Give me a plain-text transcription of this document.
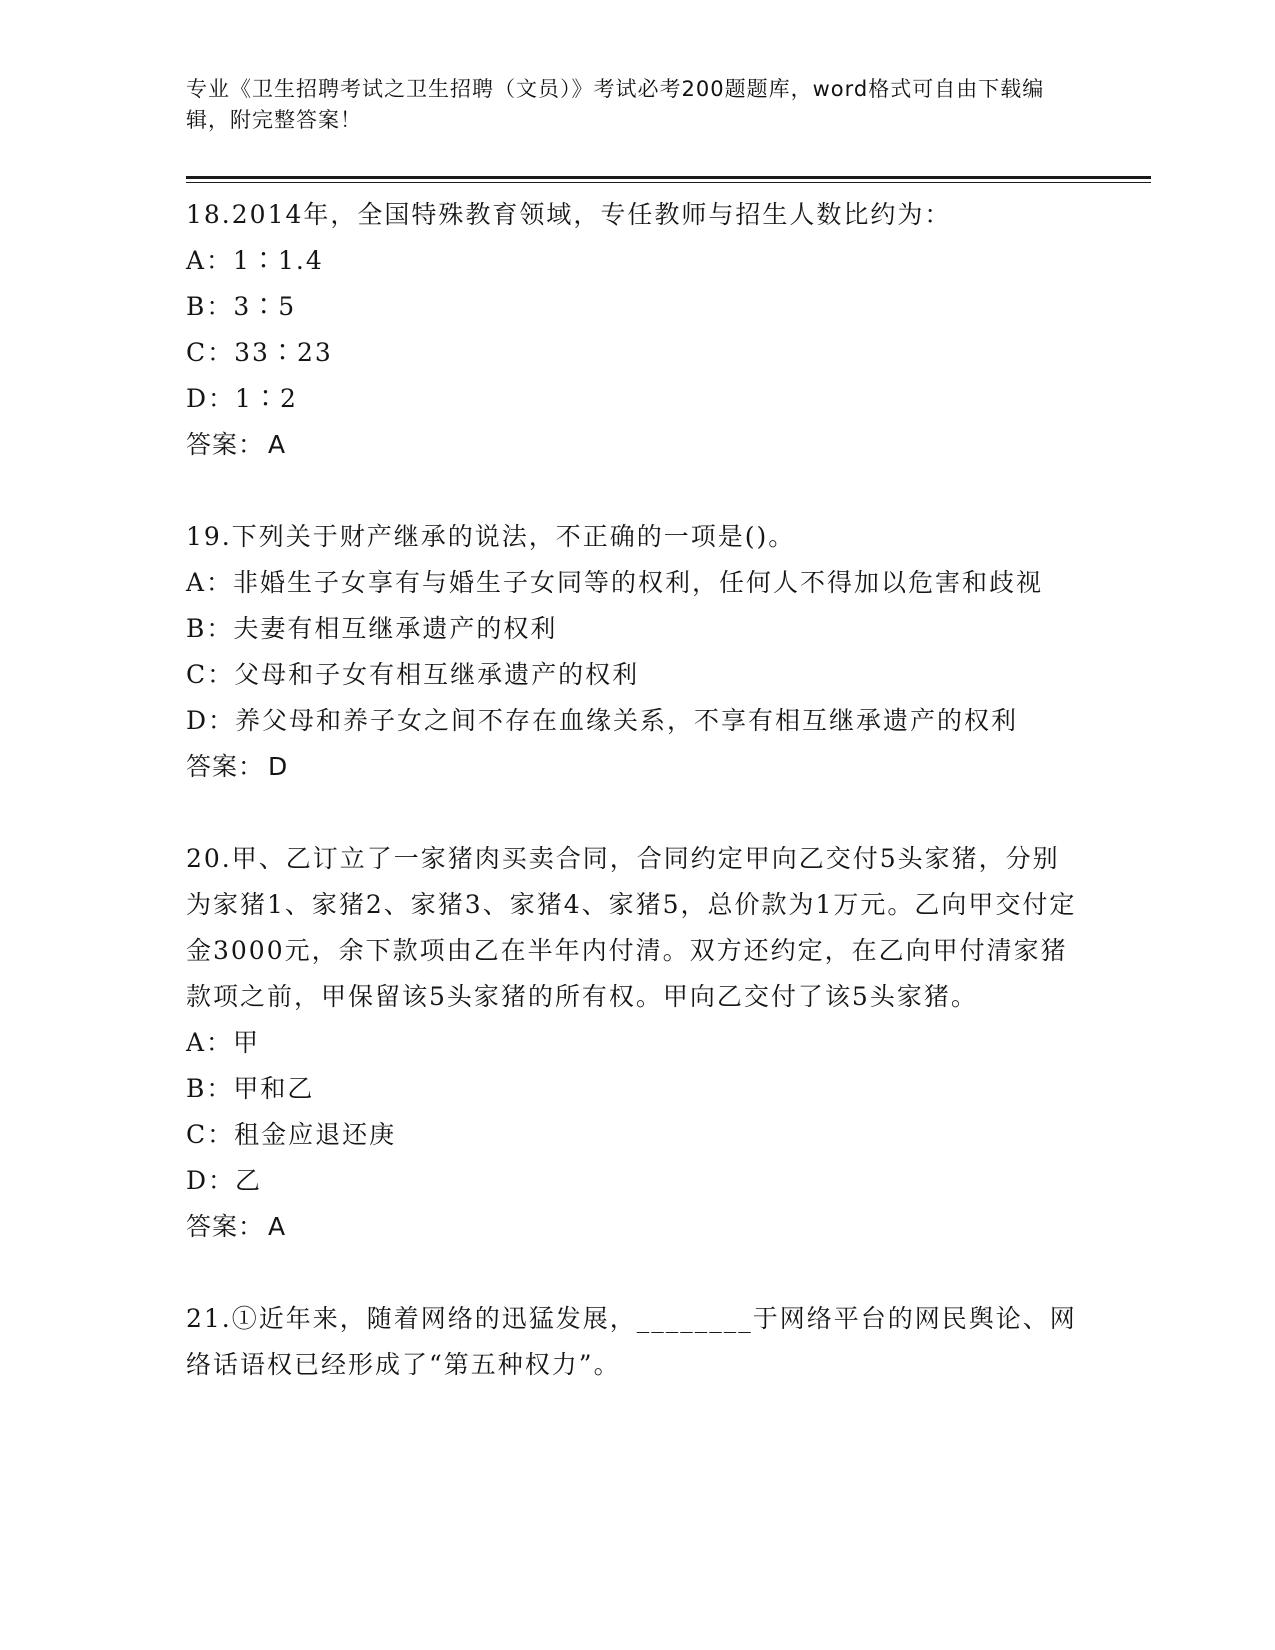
专业《卫生招聘考试之卫生招聘（文员）》考试必考200题题库，word格式可自由下载编辑，附完整答案！

18.2014年，全国特殊教育领域，专任教师与招生人数比约为：

A：1∶1.4

B：3∶5

C：33∶23

D：1∶2

答案： A

19.下列关于财产继承的说法，不正确的一项是()。

A：非婚生子女享有与婚生子女同等的权利，任何人不得加以危害和歧视

B：夫妻有相互继承遗产的权利

C：父母和子女有相互继承遗产的权利

D：养父母和养子女之间不存在血缘关系，不享有相互继承遗产的权利

答案： D

20.甲、乙订立了一家猪肉买卖合同，合同约定甲向乙交付5头家猪，分别为家猪1、家猪2、家猪3、家猪4、家猪5，总价款为1万元。乙向甲交付定金3000元，余下款项由乙在半年内付清。双方还约定，在乙向甲付清家猪款项之前，甲保留该5头家猪的所有权。甲向乙交付了该5头家猪。

A：甲

B：甲和乙

C：租金应退还庚

D：乙

答案： A

21.①近年来，随着网络的迅猛发展，________于网络平台的网民舆论、网络话语权已经形成了“第五种权力”。
